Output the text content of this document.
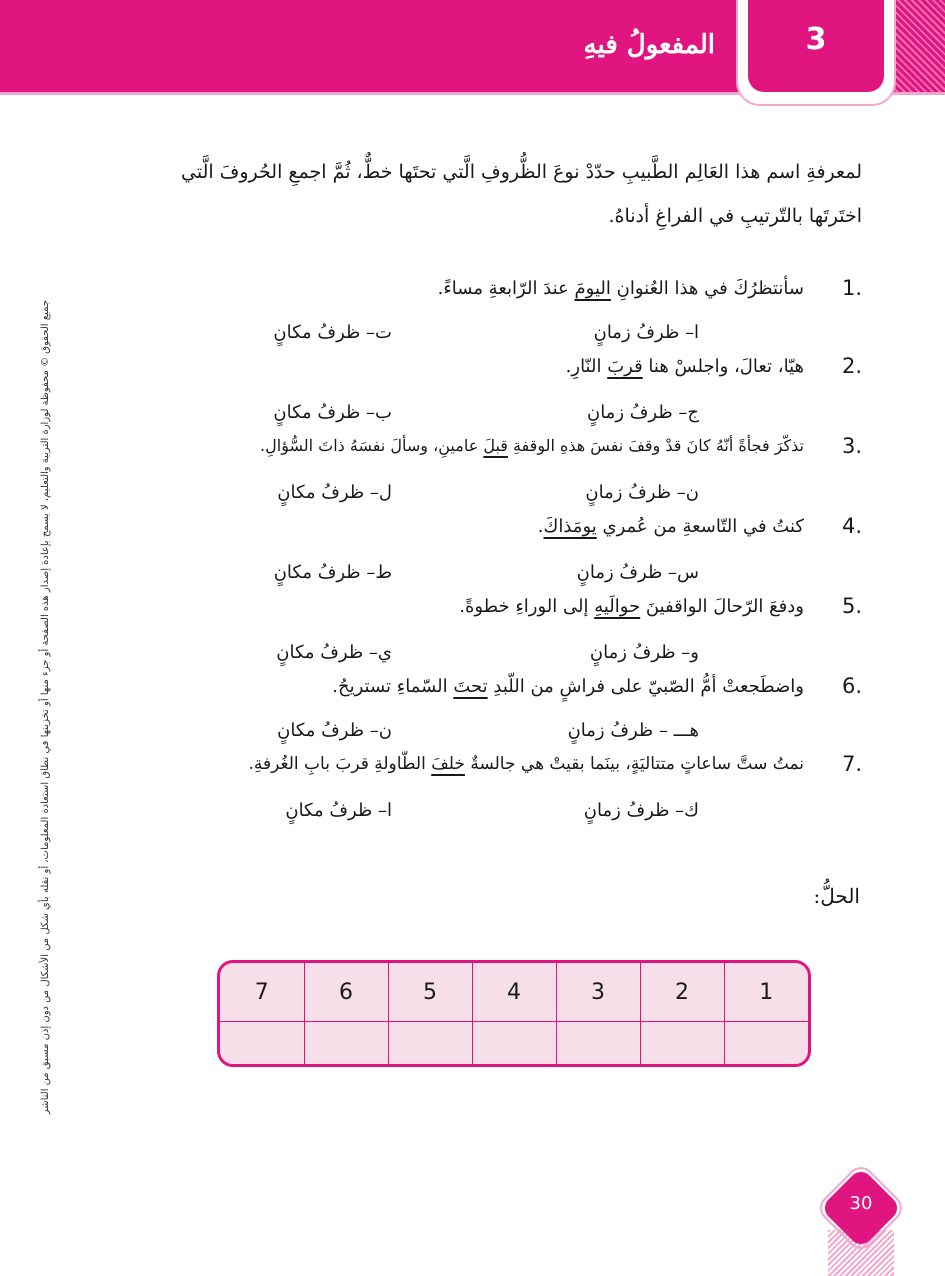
3
المفعولُ فيهِ
جميع الحقوق © محفوظة لوزارة التربية والتعليم، لا يسمح بإعادة إصدار هذه الصفحة أو جزء منها أو تخزينها في نطاق استعادة المعلومات، أو نقله بأي شكل من الأشكال من دون إذن مسبق من الناشر
لمعرفةِ اسم هذا العَالِم الطَّبيبِ حدّدْ نوعَ الظُّروفِ الَّتي تحتَها خطٌّ، ثُمَّ اجمعِ الحُروفَ الَّتي اختَرتَها بالتّرتيبِ في الفراغِ أدناهُ.
1.
سأنتظرُكَ في هذا العُنوانِ اليومَ عندَ الرّابعةِ مساءً.
ا– ظرفُ زمانٍ
ت– ظرفُ مكانٍ
2.
هيّا، تعالَ، واجلسْ هنا قربَ النّارِ.
ج– ظرفُ زمانٍ
ب– ظرفُ مكانٍ
3.
تذكّرَ فجأةً أنّهُ كانَ قدْ وقفَ نفسَ هذهِ الوقفةِ قبلَ عامينِ، وسألَ نفسَهُ ذاتَ السُّؤالِ.
ن– ظرفُ زمانٍ
ل– ظرفُ مكانٍ
4.
كنتُ في التّاسعةِ من عُمري يومَذاكَ.
س– ظرفُ زمانٍ
ط– ظرفُ مكانٍ
5.
ودفعَ الرّحالَ الواقفينَ حوالَيهِ إلى الوراءِ خطوةً.
و– ظرفُ زمانٍ
ي– ظرفُ مكانٍ
6.
واضطَجعتْ أمُّ الصّبيّ على فراشٍ من اللّبدِ تحتَ السّماءِ تستريحُ.
هـــ – ظرفُ زمانٍ
ن– ظرفُ مكانٍ
7.
نمتُ ستَّ ساعاتٍ متتاليَةٍ، بينَما بقيتْ هي جالسةٌ خلفَ الطّاولةِ قربَ بابِ الغُرفةِ.
ك– ظرفُ زمانٍ
ا– ظرفُ مكانٍ
الحلُّ:
7	6	5	4	3	2	1

30
